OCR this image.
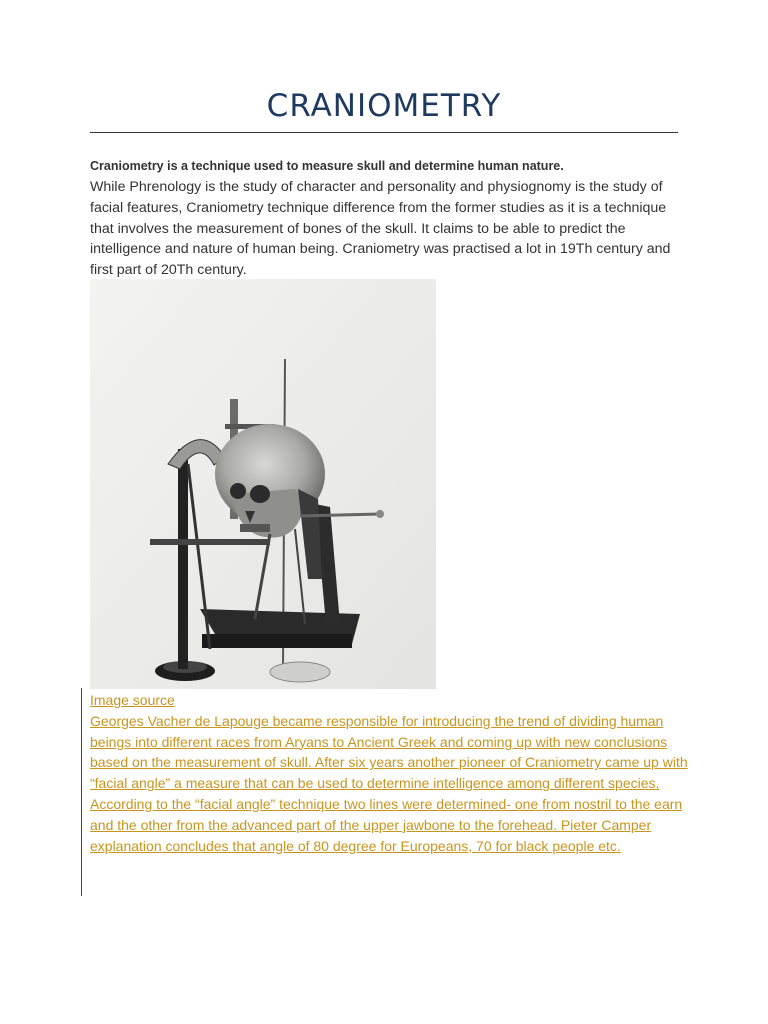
CRANIOMETRY
Craniometry is a technique used to measure skull and determine human nature.

While Phrenology is the study of character and personality and physiognomy is the study of facial features, Craniometry technique difference from the former studies as it is a technique that involves the measurement of bones of the skull. It claims to be able to predict the intelligence and nature of human being. Craniometry was practised a lot in 19Th century and first part of 20Th century.

Image source

Georges Vacher de Lapouge became responsible for introducing the trend of dividing human beings into different races from Aryans to Ancient Greek and coming up with new conclusions based on the measurement of skull. After six years another pioneer of Craniometry came up with “facial angle” a measure that can be used to determine intelligence among different species.

According to the “facial angle” technique two lines were determined- one from nostril to the earn and the other from the advanced part of the upper jawbone to the forehead. Pieter Camper explanation concludes that angle of 80 degree for Europeans, 70 for black people etc.
